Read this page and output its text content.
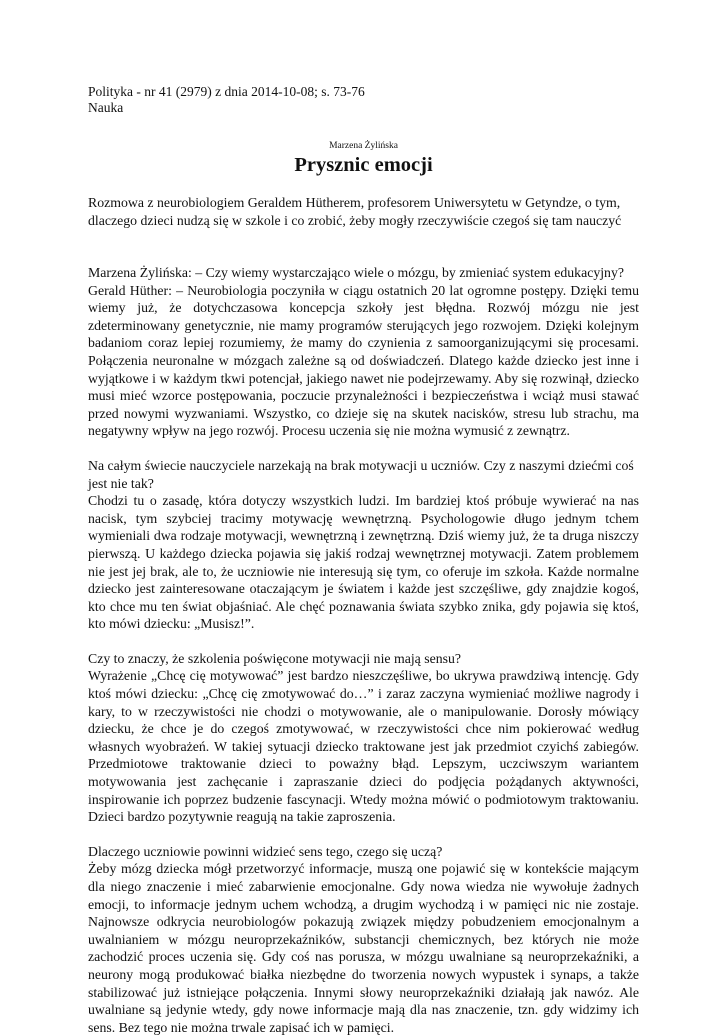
Polityka - nr 41 (2979) z dnia 2014-10-08; s. 73-76

Nauka

Marzena Żylińska
Prysznic emocji

Rozmowa z neurobiologiem Geraldem Hütherem, profesorem Uniwersytetu w Getyndze, o tym, dlaczego dzieci nudzą się w szkole i co zrobić, żeby mogły rzeczywiście czegoś się tam nauczyć

Marzena Żylińska: – Czy wiemy wystarczająco wiele o mózgu, by zmieniać system edukacyjny?

Gerald Hüther: – Neurobiologia poczyniła w ciągu ostatnich 20 lat ogromne postępy. Dzięki temu wiemy już, że dotychczasowa koncepcja szkoły jest błędna. Rozwój mózgu nie jest zdeterminowany genetycznie, nie mamy programów sterujących jego rozwojem. Dzięki kolejnym badaniom coraz lepiej rozumiemy, że mamy do czynienia z samoorganizującymi się procesami. Połączenia neuronalne w mózgach zależne są od doświadczeń. Dlatego każde dziecko jest inne i wyjątkowe i w każdym tkwi potencjał, jakiego nawet nie podejrzewamy. Aby się rozwinął, dziecko musi mieć wzorce postępowania, poczucie przynależności i bezpieczeństwa i wciąż musi stawać przed nowymi wyzwaniami. Wszystko, co dzieje się na skutek nacisków, stresu lub strachu, ma negatywny wpływ na jego rozwój. Procesu uczenia się nie można wymusić z zewnątrz.

Na całym świecie nauczyciele narzekają na brak motywacji u uczniów. Czy z naszymi dziećmi coś jest nie tak?

Chodzi tu o zasadę, która dotyczy wszystkich ludzi. Im bardziej ktoś próbuje wywierać na nas nacisk, tym szybciej tracimy motywację wewnętrzną. Psychologowie długo jednym tchem wymieniali dwa rodzaje motywacji, wewnętrzną i zewnętrzną. Dziś wiemy już, że ta druga niszczy pierwszą. U każdego dziecka pojawia się jakiś rodzaj wewnętrznej motywacji. Zatem problemem nie jest jej brak, ale to, że uczniowie nie interesują się tym, co oferuje im szkoła. Każde normalne dziecko jest zainteresowane otaczającym je światem i każde jest szczęśliwe, gdy znajdzie kogoś, kto chce mu ten świat objaśniać. Ale chęć poznawania świata szybko znika, gdy pojawia się ktoś, kto mówi dziecku: „Musisz!”.

Czy to znaczy, że szkolenia poświęcone motywacji nie mają sensu?

Wyrażenie „Chcę cię motywować” jest bardzo nieszczęśliwe, bo ukrywa prawdziwą intencję. Gdy ktoś mówi dziecku: „Chcę cię zmotywować do…” i zaraz zaczyna wymieniać możliwe nagrody i kary, to w rzeczywistości nie chodzi o motywowanie, ale o manipulowanie. Dorosły mówiący dziecku, że chce je do czegoś zmotywować, w rzeczywistości chce nim pokierować według własnych wyobrażeń. W takiej sytuacji dziecko traktowane jest jak przedmiot czyichś zabiegów. Przedmiotowe traktowanie dzieci to poważny błąd. Lepszym, uczciwszym wariantem motywowania jest zachęcanie i zapraszanie dzieci do podjęcia pożądanych aktywności, inspirowanie ich poprzez budzenie fascynacji. Wtedy można mówić o podmiotowym traktowaniu. Dzieci bardzo pozytywnie reagują na takie zaproszenia.

Dlaczego uczniowie powinni widzieć sens tego, czego się uczą?

Żeby mózg dziecka mógł przetworzyć informacje, muszą one pojawić się w kontekście mającym dla niego znaczenie i mieć zabarwienie emocjonalne. Gdy nowa wiedza nie wywołuje żadnych emocji, to informacje jednym uchem wchodzą, a drugim wychodzą i w pamięci nic nie zostaje. Najnowsze odkrycia neurobiologów pokazują związek między pobudzeniem emocjonalnym a uwalnianiem w mózgu neuroprzekaźników, substancji chemicznych, bez których nie może zachodzić proces uczenia się. Gdy coś nas porusza, w mózgu uwalniane są neuroprzekaźniki, a neurony mogą produkować białka niezbędne do tworzenia nowych wypustek i synaps, a także stabilizować już istniejące połączenia. Innymi słowy neuroprzekaźniki działają jak nawóz. Ale uwalniane są jedynie wtedy, gdy nowe informacje mają dla nas znaczenie, tzn. gdy widzimy ich sens. Bez tego nie można trwale zapisać ich w pamięci.
